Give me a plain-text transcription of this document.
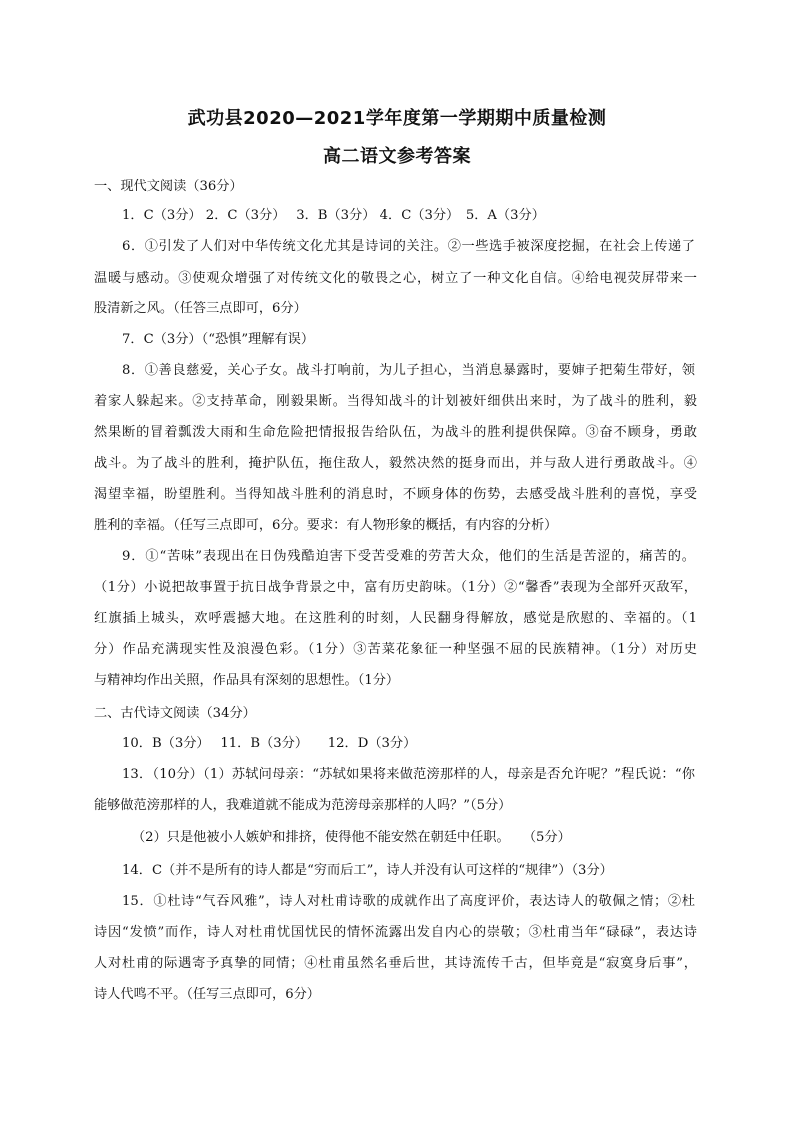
武功县2020—2021学年度第一学期期中质量检测
高二语文参考答案
一、现代文阅读（36分）
1．C（3分） 2．C（3分）　 3．B（3分） 4．C（3分）　5．A（3分）
6．①引发了人们对中华传统文化尤其是诗词的关注。②一些选手被深度挖掘，在社会上传递了
温暖与感动。③使观众增强了对传统文化的敬畏之心，树立了一种文化自信。④给电视荧屏带来一
股清新之风。（任答三点即可，6分）
7．C（3分）（“恐惧”理解有误）
8．①善良慈爱，关心子女。战斗打响前，为儿子担心，当消息暴露时，要婶子把菊生带好，领
着家人躲起来。②支持革命，刚毅果断。当得知战斗的计划被奸细供出来时，为了战斗的胜利，毅
然果断的冒着瓢泼大雨和生命危险把情报报告给队伍，为战斗的胜利提供保障。③奋不顾身，勇敢
战斗。为了战斗的胜利，掩护队伍，拖住敌人，毅然决然的挺身而出，并与敌人进行勇敢战斗。④
渴望幸福，盼望胜利。当得知战斗胜利的消息时，不顾身体的伤势，去感受战斗胜利的喜悦，享受
胜利的幸福。（任写三点即可，6分。要求：有人物形象的概括，有内容的分析）
9．①“苦味”表现出在日伪残酷迫害下受苦受难的劳苦大众，他们的生活是苦涩的，痛苦的。
（1分）小说把故事置于抗日战争背景之中，富有历史韵味。（1分）②“馨香”表现为全部歼灭敌军，
红旗插上城头，欢呼震撼大地。在这胜利的时刻，人民翻身得解放，感觉是欣慰的、幸福的。（1
分）作品充满现实性及浪漫色彩。（1分）③苦菜花象征一种坚强不屈的民族精神。（1分）对历史
与精神均作出关照，作品具有深刻的思想性。（1分）
二、古代诗文阅读（34分）
10．B（3分）　 11．B（3分）　　12．D（3分）
13．（10分）（1）苏轼问母亲：“苏轼如果将来做范滂那样的人，母亲是否允许呢？”程氏说：“你
能够做范滂那样的人，我难道就不能成为范滂母亲那样的人吗？”（5分）
（2）只是他被小人嫉妒和排挤，使得他不能安然在朝廷中任职。　　（5分）
14．C（并不是所有的诗人都是“穷而后工”，诗人并没有认可这样的“规律”）（3分）
15．①杜诗“气吞风雅”，诗人对杜甫诗歌的成就作出了高度评价，表达诗人的敬佩之情；②杜
诗因“发愤”而作，诗人对杜甫忧国忧民的情怀流露出发自内心的崇敬；③杜甫当年“碌碌”，表达诗
人对杜甫的际遇寄予真挚的同情；④杜甫虽然名垂后世，其诗流传千古，但毕竟是“寂寞身后事”，
诗人代鸣不平。（任写三点即可，6分）
